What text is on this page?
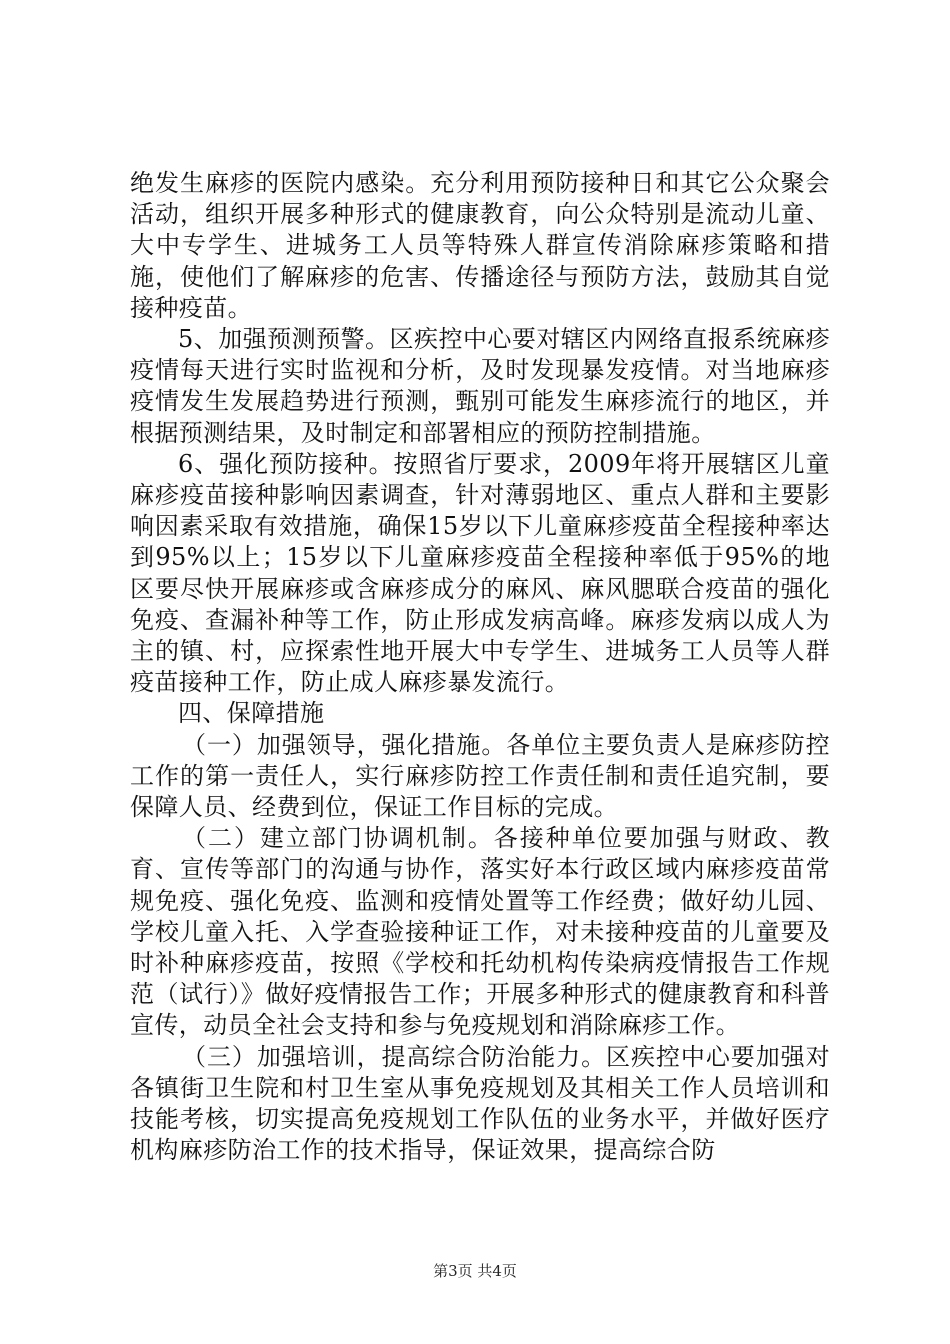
绝发生麻疹的医院内感染。充分利用预防接种日和其它公众聚会活动，组织开展多种形式的健康教育，向公众特别是流动儿童、大中专学生、进城务工人员等特殊人群宣传消除麻疹策略和措施，使他们了解麻疹的危害、传播途径与预防方法，鼓励其自觉接种疫苗。

5、加强预测预警。区疾控中心要对辖区内网络直报系统麻疹疫情每天进行实时监视和分析，及时发现暴发疫情。对当地麻疹疫情发生发展趋势进行预测，甄别可能发生麻疹流行的地区，并根据预测结果，及时制定和部署相应的预防控制措施。

6、强化预防接种。按照省厅要求，2009年将开展辖区儿童麻疹疫苗接种影响因素调查，针对薄弱地区、重点人群和主要影响因素采取有效措施，确保15岁以下儿童麻疹疫苗全程接种率达到95%以上；15岁以下儿童麻疹疫苗全程接种率低于95%的地区要尽快开展麻疹或含麻疹成分的麻风、麻风腮联合疫苗的强化免疫、查漏补种等工作，防止形成发病高峰。麻疹发病以成人为主的镇、村，应探索性地开展大中专学生、进城务工人员等人群疫苗接种工作，防止成人麻疹暴发流行。

四、保障措施

（一）加强领导，强化措施。各单位主要负责人是麻疹防控工作的第一责任人，实行麻疹防控工作责任制和责任追究制，要保障人员、经费到位，保证工作目标的完成。

（二）建立部门协调机制。各接种单位要加强与财政、教育、宣传等部门的沟通与协作，落实好本行政区域内麻疹疫苗常规免疫、强化免疫、监测和疫情处置等工作经费；做好幼儿园、学校儿童入托、入学查验接种证工作，对未接种疫苗的儿童要及时补种麻疹疫苗，按照《学校和托幼机构传染病疫情报告工作规范（试行）》做好疫情报告工作；开展多种形式的健康教育和科普宣传，动员全社会支持和参与免疫规划和消除麻疹工作。

（三）加强培训，提高综合防治能力。区疾控中心要加强对各镇街卫生院和村卫生室从事免疫规划及其相关工作人员培训和技能考核，切实提高免疫规划工作队伍的业务水平，并做好医疗机构麻疹防治工作的技术指导，保证效果，提高综合防

第3页 共4页
